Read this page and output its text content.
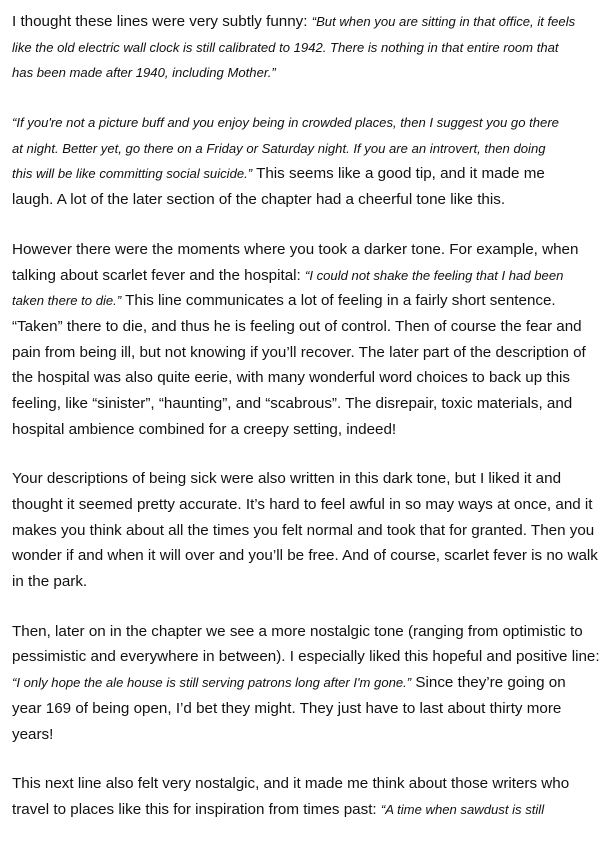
I thought these lines were very subtly funny: “But when you are sitting in that office, it feels
like the old electric wall clock is still calibrated to 1942. There is nothing in that entire room that
has been made after 1940, including Mother.”

“If you're not a picture buff and you enjoy being in crowded places, then I suggest you go there
at night. Better yet, go there on a Friday or Saturday night. If you are an introvert, then doing
this will be like committing social suicide.” This seems like a good tip, and it made me
laugh. A lot of the later section of the chapter had a cheerful tone like this.

However there were the moments where you took a darker tone. For example, when
talking about scarlet fever and the hospital: “I could not shake the feeling that I had been
taken there to die.” This line communicates a lot of feeling in a fairly short sentence.
“Taken” there to die, and thus he is feeling out of control. Then of course the fear and
pain from being ill, but not knowing if you’ll recover. The later part of the description of
the hospital was also quite eerie, with many wonderful word choices to back up this
feeling, like “sinister”, “haunting”, and “scabrous”. The disrepair, toxic materials, and
hospital ambience combined for a creepy setting, indeed!

Your descriptions of being sick were also written in this dark tone, but I liked it and
thought it seemed pretty accurate. It’s hard to feel awful in so may ways at once, and it
makes you think about all the times you felt normal and took that for granted. Then you
wonder if and when it will over and you’ll be free. And of course, scarlet fever is no walk
in the park.

Then, later on in the chapter we see a more nostalgic tone (ranging from optimistic to
pessimistic and everywhere in between). I especially liked this hopeful and positive line:
“I only hope the ale house is still serving patrons long after I'm gone.” Since they’re going on
year 169 of being open, I’d bet they might. They just have to last about thirty more
years!

This next line also felt very nostalgic, and it made me think about those writers who
travel to places like this for inspiration from times past: “A time when sawdust is still
